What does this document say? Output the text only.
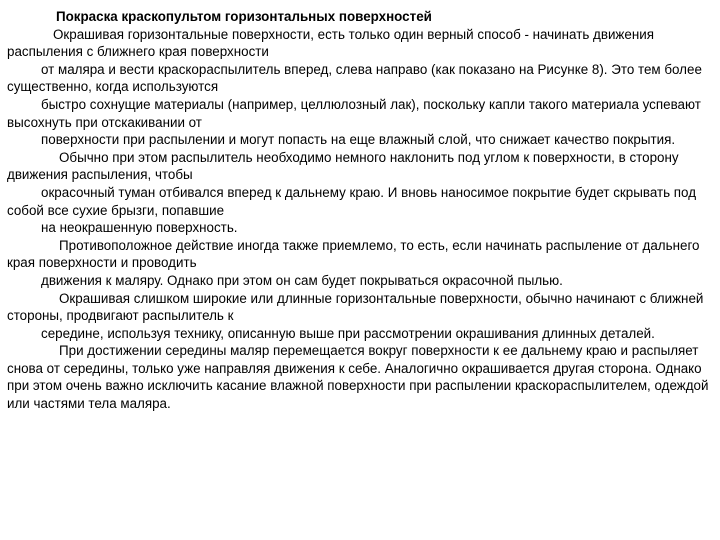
Покраска краскопультом горизонтальных поверхностей

Окрашивая горизонтальные поверхности, есть только один верный способ - начинать движения распыления с ближнего края поверхности

от маляра и вести краскораспылитель вперед, слева направо (как показано на Рисунке 8). Это тем более существенно, когда используются

быстро сохнущие материалы (например, целлюлозный лак), поскольку капли такого материала успевают высохнуть при отскакивании от

поверхности при распылении и могут попасть на еще влажный слой, что снижает качество покрытия.

Обычно при этом распылитель необходимо немного наклонить под углом к поверхности, в сторону движения распыления, чтобы

окрасочный туман отбивался вперед к дальнему краю. И вновь наносимое покрытие будет скрывать под собой все сухие брызги, попавшие

на неокрашенную поверхность.

Противоположное действие иногда также приемлемо, то есть, если начинать распыление от дальнего края поверхности и проводить

движения к маляру. Однако при этом он сам будет покрываться окрасочной пылью.

Окрашивая слишком широкие или длинные горизонтальные поверхности, обычно начинают с ближней стороны, продвигают распылитель к

середине, используя технику, описанную выше при рассмотрении окрашивания длинных деталей.

При достижении середины маляр перемещается вокруг поверхности к ее дальнему краю и распыляет снова от середины, только уже направляя движения к себе. Аналогично окрашивается другая сторона. Однако при этом очень важно исключить касание влажной поверхности при распылении краскораспылителем, одеждой или частями тела маляра.
